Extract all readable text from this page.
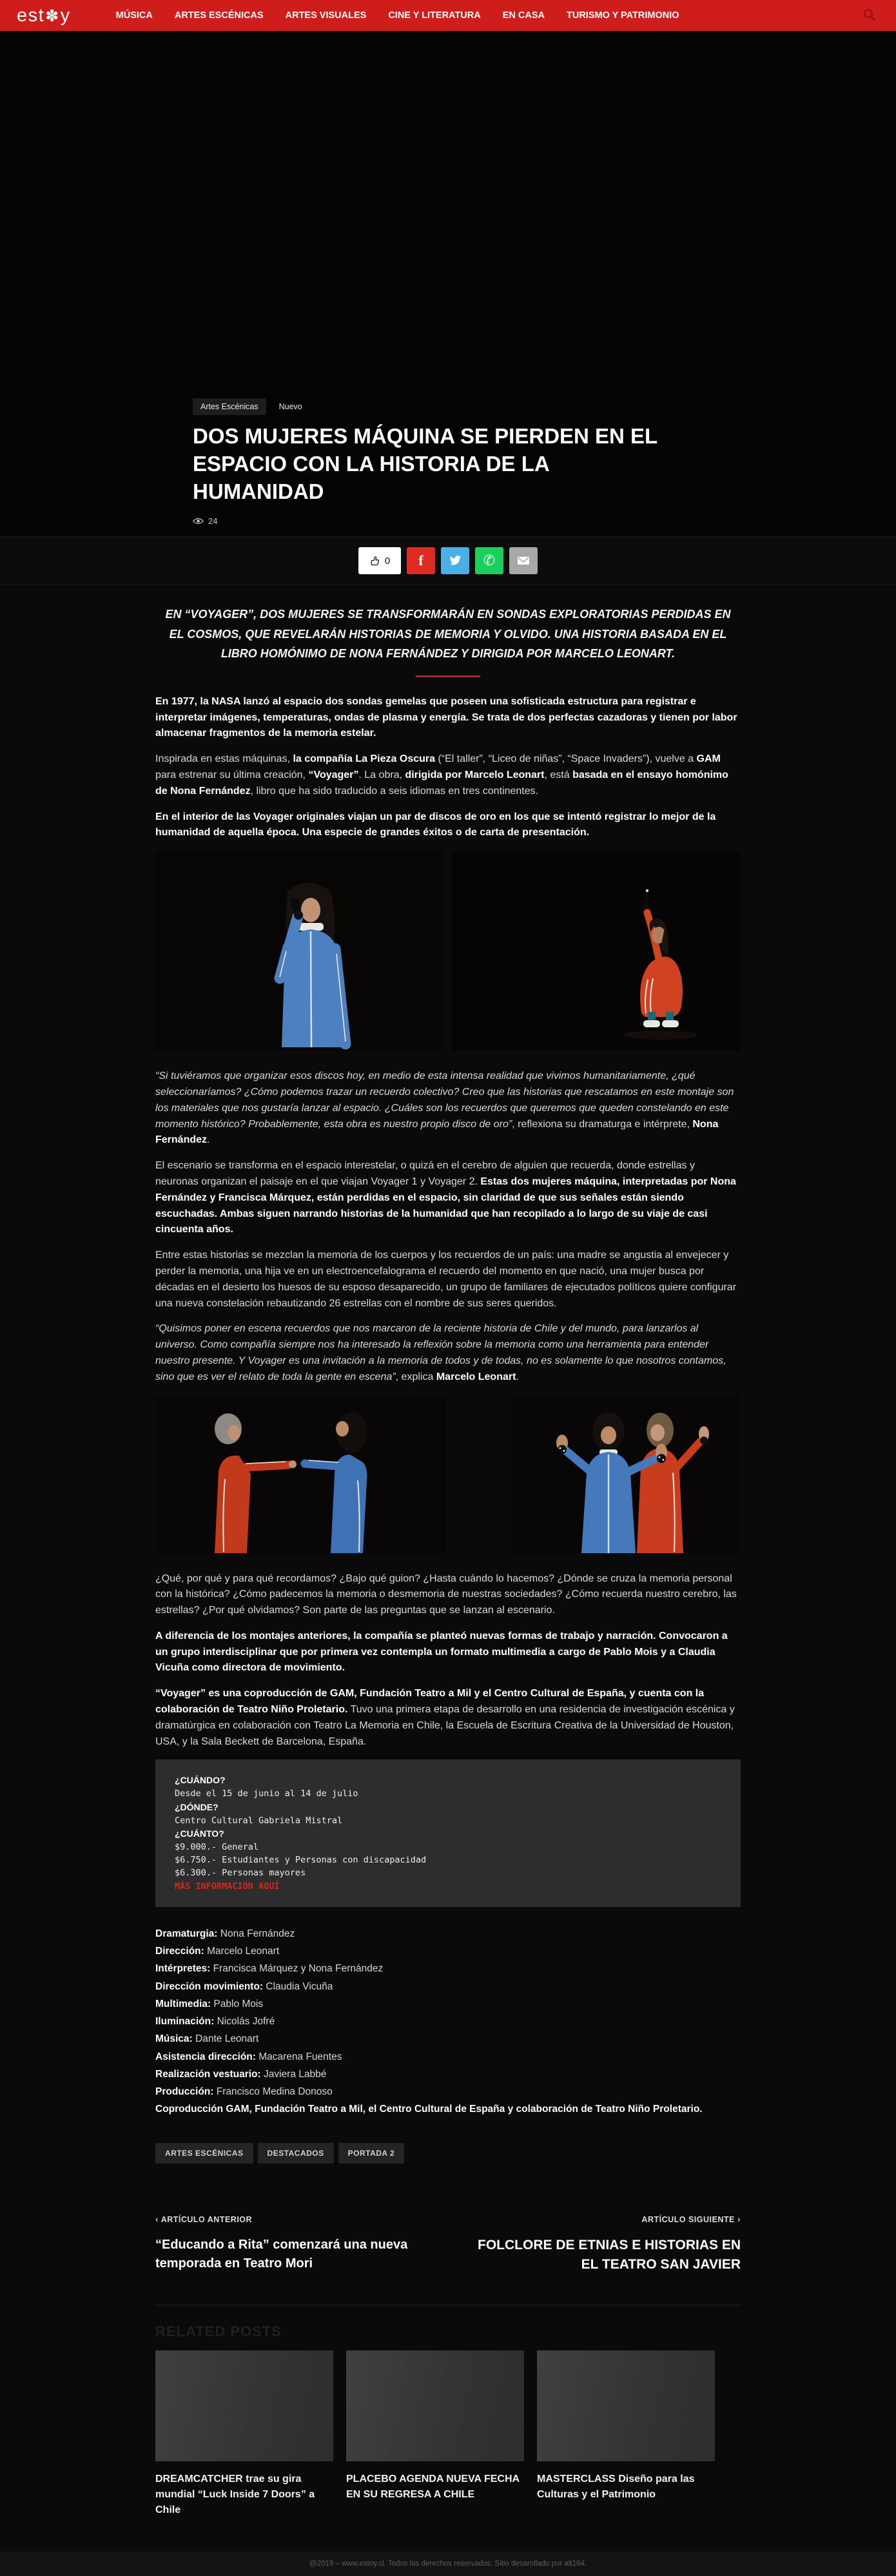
est✽y	MÚSICA ARTES ESCÉNICAS ARTES VISUALES CINE Y LITERATURA EN CASA TURISMO Y PATRIMONIO
Artes Escénicas	Nuevo
DOS MUJERES MÁQUINA SE PIERDEN EN EL ESPACIO CON LA HISTORIA DE LA HUMANIDAD
24
0 f	✆

EN “VOYAGER”, DOS MUJERES SE TRANSFORMARÁN EN SONDAS EXPLORATORIAS PERDIDAS EN EL COSMOS, QUE REVELARÁN HISTORIAS DE MEMORIA Y OLVIDO. UNA HISTORIA BASADA EN EL LIBRO HOMÓNIMO DE NONA FERNÁNDEZ Y DIRIGIDA POR MARCELO LEONART.

En 1977, la NASA lanzó al espacio dos sondas gemelas que poseen una sofisticada estructura para registrar e interpretar imágenes, temperaturas, ondas de plasma y energía. Se trata de dos perfectas cazadoras y tienen por labor almacenar fragmentos de la memoria estelar.

Inspirada en estas máquinas, la compañía La Pieza Oscura (“El taller”, “Liceo de niñas”, “Space Invaders”), vuelve a GAM para estrenar su última creación, “Voyager”. La obra, dirigida por Marcelo Leonart, está basada en el ensayo homónimo de Nona Fernández, libro que ha sido traducido a seis idiomas en tres continentes.

En el interior de las Voyager originales viajan un par de discos de oro en los que se intentó registrar lo mejor de la humanidad de aquella época. Una especie de grandes éxitos o de carta de presentación.

“Si tuviéramos que organizar esos discos hoy, en medio de esta intensa realidad que vivimos humanitariamente, ¿qué seleccionaríamos? ¿Cómo podemos trazar un recuerdo colectivo? Creo que las historias que rescatamos en este montaje son los materiales que nos gustaría lanzar al espacio. ¿Cuáles son los recuerdos que queremos que queden constelando en este momento histórico? Probablemente, esta obra es nuestro propio disco de oro”, reflexiona su dramaturga e intérprete, Nona Fernández.

El escenario se transforma en el espacio interestelar, o quizá en el cerebro de alguien que recuerda, donde estrellas y neuronas organizan el paisaje en el que viajan Voyager 1 y Voyager 2. Estas dos mujeres máquina, interpretadas por Nona Fernández y Francisca Márquez, están perdidas en el espacio, sin claridad de que sus señales están siendo escuchadas. Ambas siguen narrando historias de la humanidad que han recopilado a lo largo de su viaje de casi cincuenta años.

Entre estas historias se mezclan la memoria de los cuerpos y los recuerdos de un país: una madre se angustia al envejecer y perder la memoria, una hija ve en un electroencefalograma el recuerdo del momento en que nació, una mujer busca por décadas en el desierto los huesos de su esposo desaparecido, un grupo de familiares de ejecutados políticos quiere configurar una nueva constelación rebautizando 26 estrellas con el nombre de sus seres queridos.

“Quisimos poner en escena recuerdos que nos marcaron de la reciente historia de Chile y del mundo, para lanzarlos al universo. Como compañía siempre nos ha interesado la reflexión sobre la memoria como una herramienta para entender nuestro presente. Y Voyager es una invitación a la memoria de todos y de todas, no es solamente lo que nosotros contamos, sino que es ver el relato de toda la gente en escena”, explica Marcelo Leonart.

¿Qué, por qué y para qué recordamos? ¿Bajo qué guion? ¿Hasta cuándo lo hacemos? ¿Dónde se cruza la memoria personal con la histórica? ¿Cómo padecemos la memoria o desmemoria de nuestras sociedades? ¿Cómo recuerda nuestro cerebro, las estrellas? ¿Por qué olvidamos? Son parte de las preguntas que se lanzan al escenario.

A diferencia de los montajes anteriores, la compañía se planteó nuevas formas de trabajo y narración. Convocaron a un grupo interdisciplinar que por primera vez contempla un formato multimedia a cargo de Pablo Mois y a Claudia Vicuña como directora de movimiento.

“Voyager” es una coproducción de GAM, Fundación Teatro a Mil y el Centro Cultural de España, y cuenta con la colaboración de Teatro Niño Proletario. Tuvo una primera etapa de desarrollo en una residencia de investigación escénica y dramatúrgica en colaboración con Teatro La Memoria en Chile, la Escuela de Escritura Creativa de la Universidad de Houston, USA, y la Sala Beckett de Barcelona, España.

¿CUÁNDO?
Desde el 15 de junio al 14 de julio
¿DÓNDE?
Centro Cultural Gabriela Mistral
¿CUÁNTO?
$9.000.- General
$6.750.- Estudiantes y Personas con discapacidad
$6.300.- Personas mayores
MÁS INFORMACIÓN AQUÍ

Dramaturgia: Nona Fernández

Dirección: Marcelo Leonart

Intérpretes: Francisca Márquez y Nona Fernández

Dirección movimiento: Claudia Vicuña

Multimedia: Pablo Mois

Iluminación: Nicolás Jofré

Música: Dante Leonart

Asistencia dirección: Macarena Fuentes

Realización vestuario: Javiera Labbé

Producción: Francisco Medina Donoso

Coproducción GAM, Fundación Teatro a Mil, el Centro Cultural de España y colaboración de Teatro Niño Proletario.

ARTES ESCÉNICAS	DESTACADOS	PORTADA 2
‹ ARTÍCULO ANTERIOR
“Educando a Rita” comenzará una nueva temporada en Teatro Mori
ARTÍCULO SIGUIENTE ›
FOLCLORE DE ETNIAS E HISTORIAS EN EL TEATRO SAN JAVIER
RELATED POSTS
DREAMCATCHER trae su gira mundial “Luck Inside 7 Doors” a Chile
PLACEBO AGENDA NUEVA FECHA EN SU REGRESA A CHILE
MASTERCLASS Diseño para las Culturas y el Patrimonio

@2019 – www.estoy.cl. Todos los derechos reservados. Sitio desarollado por alt164.
